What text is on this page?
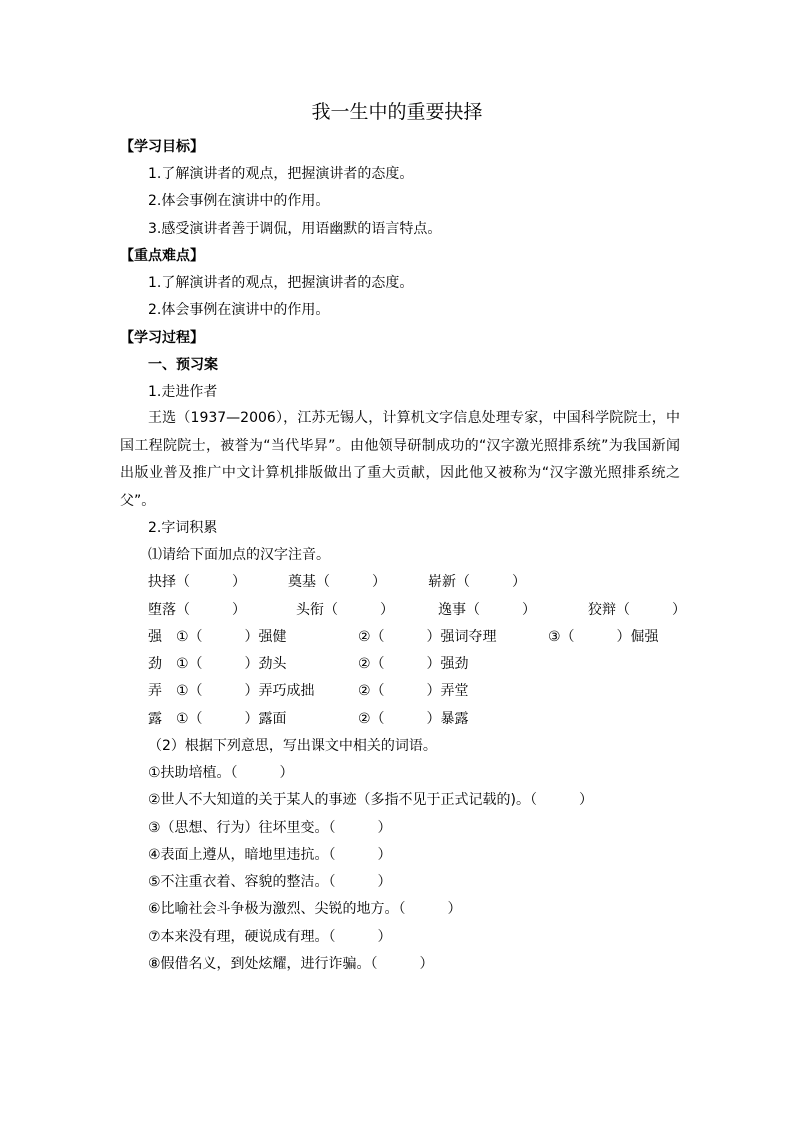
我一生中的重要抉择
【学习目标】
1.了解演讲者的观点，把握演讲者的态度。
2.体会事例在演讲中的作用。
3.感受演讲者善于调侃，用语幽默的语言特点。
【重点难点】
1.了解演讲者的观点，把握演讲者的态度。
2.体会事例在演讲中的作用。
【学习过程】
一、预习案
1.走进作者
王选（1937—2006），江苏无锡人，计算机文字信息处理专家，中国科学院院士，中国工程院院士，被誉为“当代毕昇”。由他领导研制成功的“汉字激光照排系统”为我国新闻出版业普及推广中文计算机排版做出了重大贡献，因此他又被称为“汉字激光照排系统之父”。
2.字词积累
⑴请给下面加点的汉字注音。
抉择（　　　）	奠基（　　　）	崭新（　　　）
堕落（　　　）	头衔（　　　）	逸事（　　　）	狡辩（　　　）
强 ①（　　　）强健	②（　　　）强词夺理	③（　　　）倔强
劲 ①（　　　）劲头	②（　　　）强劲
弄 ①（　　　）弄巧成拙	②（　　　）弄堂
露 ①（　　　）露面	②（　　　）暴露
（2）根据下列意思，写出课文中相关的词语。
①扶助培植。（　　　）
②世人不大知道的关于某人的事迹（多指不见于正式记载的)。（　　　）
③（思想、行为）往坏里变。（　　　）
④表面上遵从，暗地里违抗。（　　　）
⑤不注重衣着、容貌的整洁。（　　　）
⑥比喻社会斗争极为激烈、尖锐的地方。（　　　）
⑦本来没有理，硬说成有理。（　　　）
⑧假借名义，到处炫耀，进行诈骗。（　　　）
